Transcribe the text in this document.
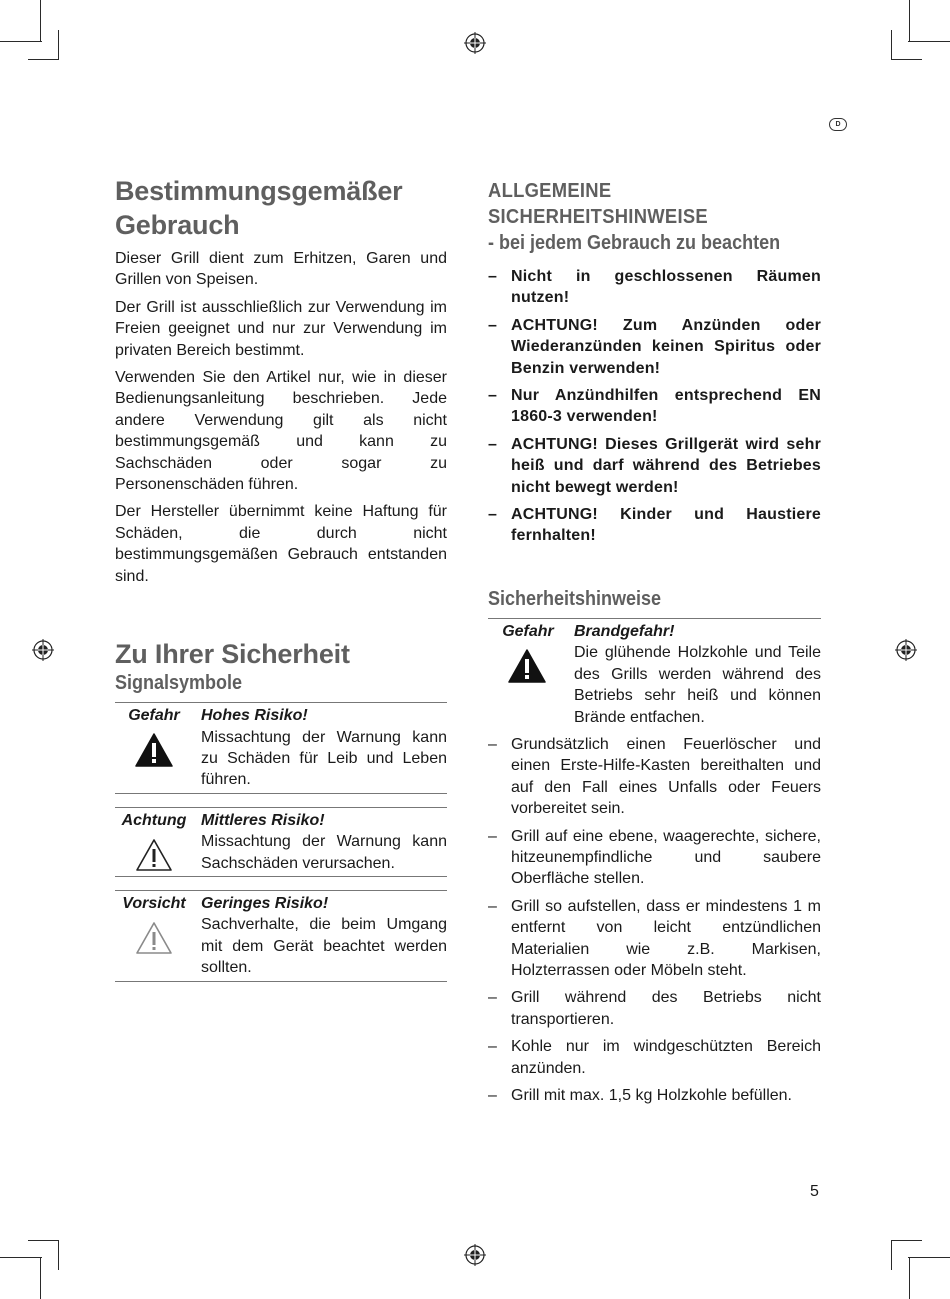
D
Bestimmungsgemäßer
Gebrauch

Dieser Grill dient zum Erhitzen, Garen und Grillen von Speisen.

Der Grill ist ausschließlich zur Verwendung im Freien geeignet und nur zur Verwendung im privaten Bereich bestimmt.

Verwenden Sie den Artikel nur, wie in dieser Bedienungsanleitung beschrieben. Jede andere Verwendung gilt als nicht bestimmungsgemäß und kann zu Sachschäden oder sogar zu Personenschäden führen.

Der Hersteller übernimmt keine Haftung für Schäden, die durch nicht bestimmungsgemäßen Gebrauch entstanden sind.

Zu Ihrer Sicherheit
Signalsymbole
Gefahr	Hohes Risiko!
Missachtung der Warnung kann zu Schäden für Leib und Leben führen.
Achtung Mittleres Risiko!
Missachtung der Warnung kann Sachschäden verursachen.
Vorsicht Geringes Risiko!
Sachverhalte, die beim Umgang mit dem Gerät beachtet werden sollten.
ALLGEMEINE
SICHERHEITSHINWEISE
- bei jedem Gebrauch zu beachten
– Nicht in geschlossenen Räumen nutzen!
– ACHTUNG! Zum Anzünden oder Wiederanzünden keinen Spiritus oder Benzin verwenden!
– Nur Anzündhilfen entsprechend EN 1860-3 verwenden!
– ACHTUNG! Dieses Grillgerät wird sehr heiß und darf während des Betriebes nicht bewegt werden!
– ACHTUNG! Kinder und Haustiere fernhalten!
Sicherheitshinweise
Gefahr	Brandgefahr!
Die glühende Holzkohle und Teile des Grills werden während des Betriebs sehr heiß und können Brände entfachen.
– Grundsätzlich einen Feuerlöscher und einen Erste-Hilfe-Kasten bereithalten und auf den Fall eines Unfalls oder Feuers vorbereitet sein.
– Grill auf eine ebene, waagerechte, sichere, hitzeunempfindliche und saubere Oberfläche stellen.
– Grill so aufstellen, dass er mindestens 1 m entfernt von leicht entzündlichen Materialien wie z.B. Markisen, Holzterrassen oder Möbeln steht.
– Grill während des Betriebs nicht transportieren.
– Kohle nur im windgeschützten Bereich anzünden.
– Grill mit max. 1,5 kg Holzkohle befüllen.
5
